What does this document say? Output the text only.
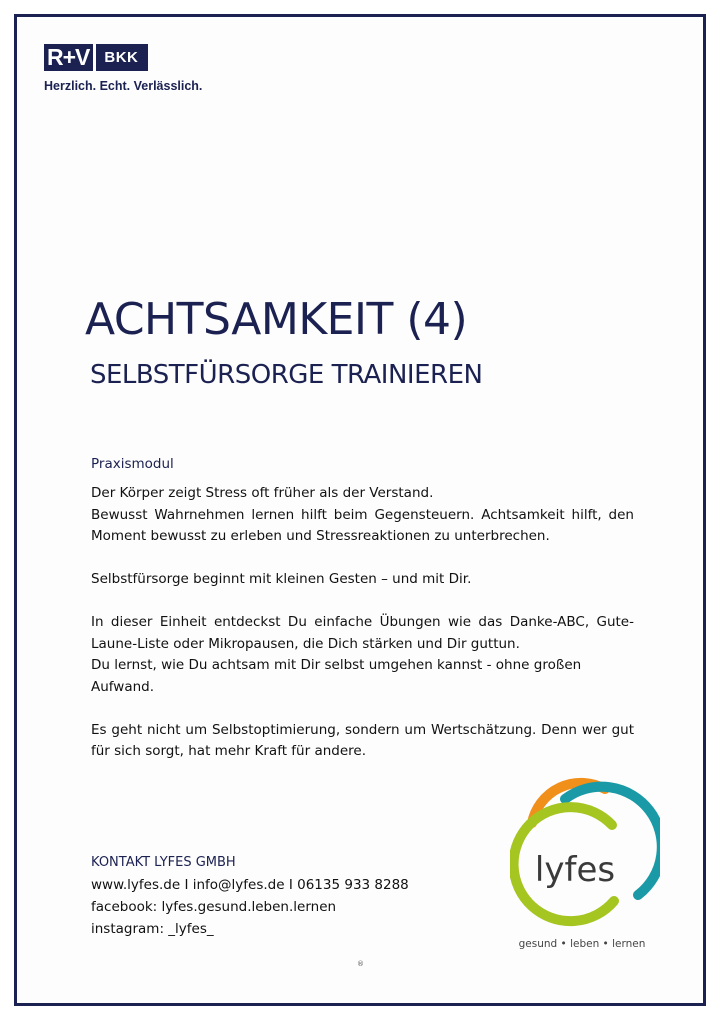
R+V	BKK
Herzlich. Echt. Verlässlich.
ACHTSAMKEIT (4)
SELBSTFÜRSORGE TRAINIEREN
Praxismodul

Der Körper zeigt Stress oft früher als der Verstand.

Bewusst Wahrnehmen lernen hilft beim Gegensteuern. Achtsamkeit hilft, den Moment bewusst zu erleben und Stressreaktionen zu unterbrechen.

Selbstfürsorge beginnt mit kleinen Gesten – und mit Dir.

In dieser Einheit entdeckst Du einfache Übungen wie das Danke-ABC, Gute-Laune-Liste oder Mikropausen, die Dich stärken und Dir guttun.
Du lernst, wie Du achtsam mit Dir selbst umgehen kannst - ohne großen Aufwand.

Es geht nicht um Selbstoptimierung, sondern um Wertschätzung. Denn wer gut für sich sorgt, hat mehr Kraft für andere.

KONTAKT LYFES GMBH
www.lyfes.de I info@lyfes.de I 06135 933 8288
facebook: lyfes.gesund.leben.lernen
instagram: _lyfes_
lyfes
gesund • leben • lernen
®
